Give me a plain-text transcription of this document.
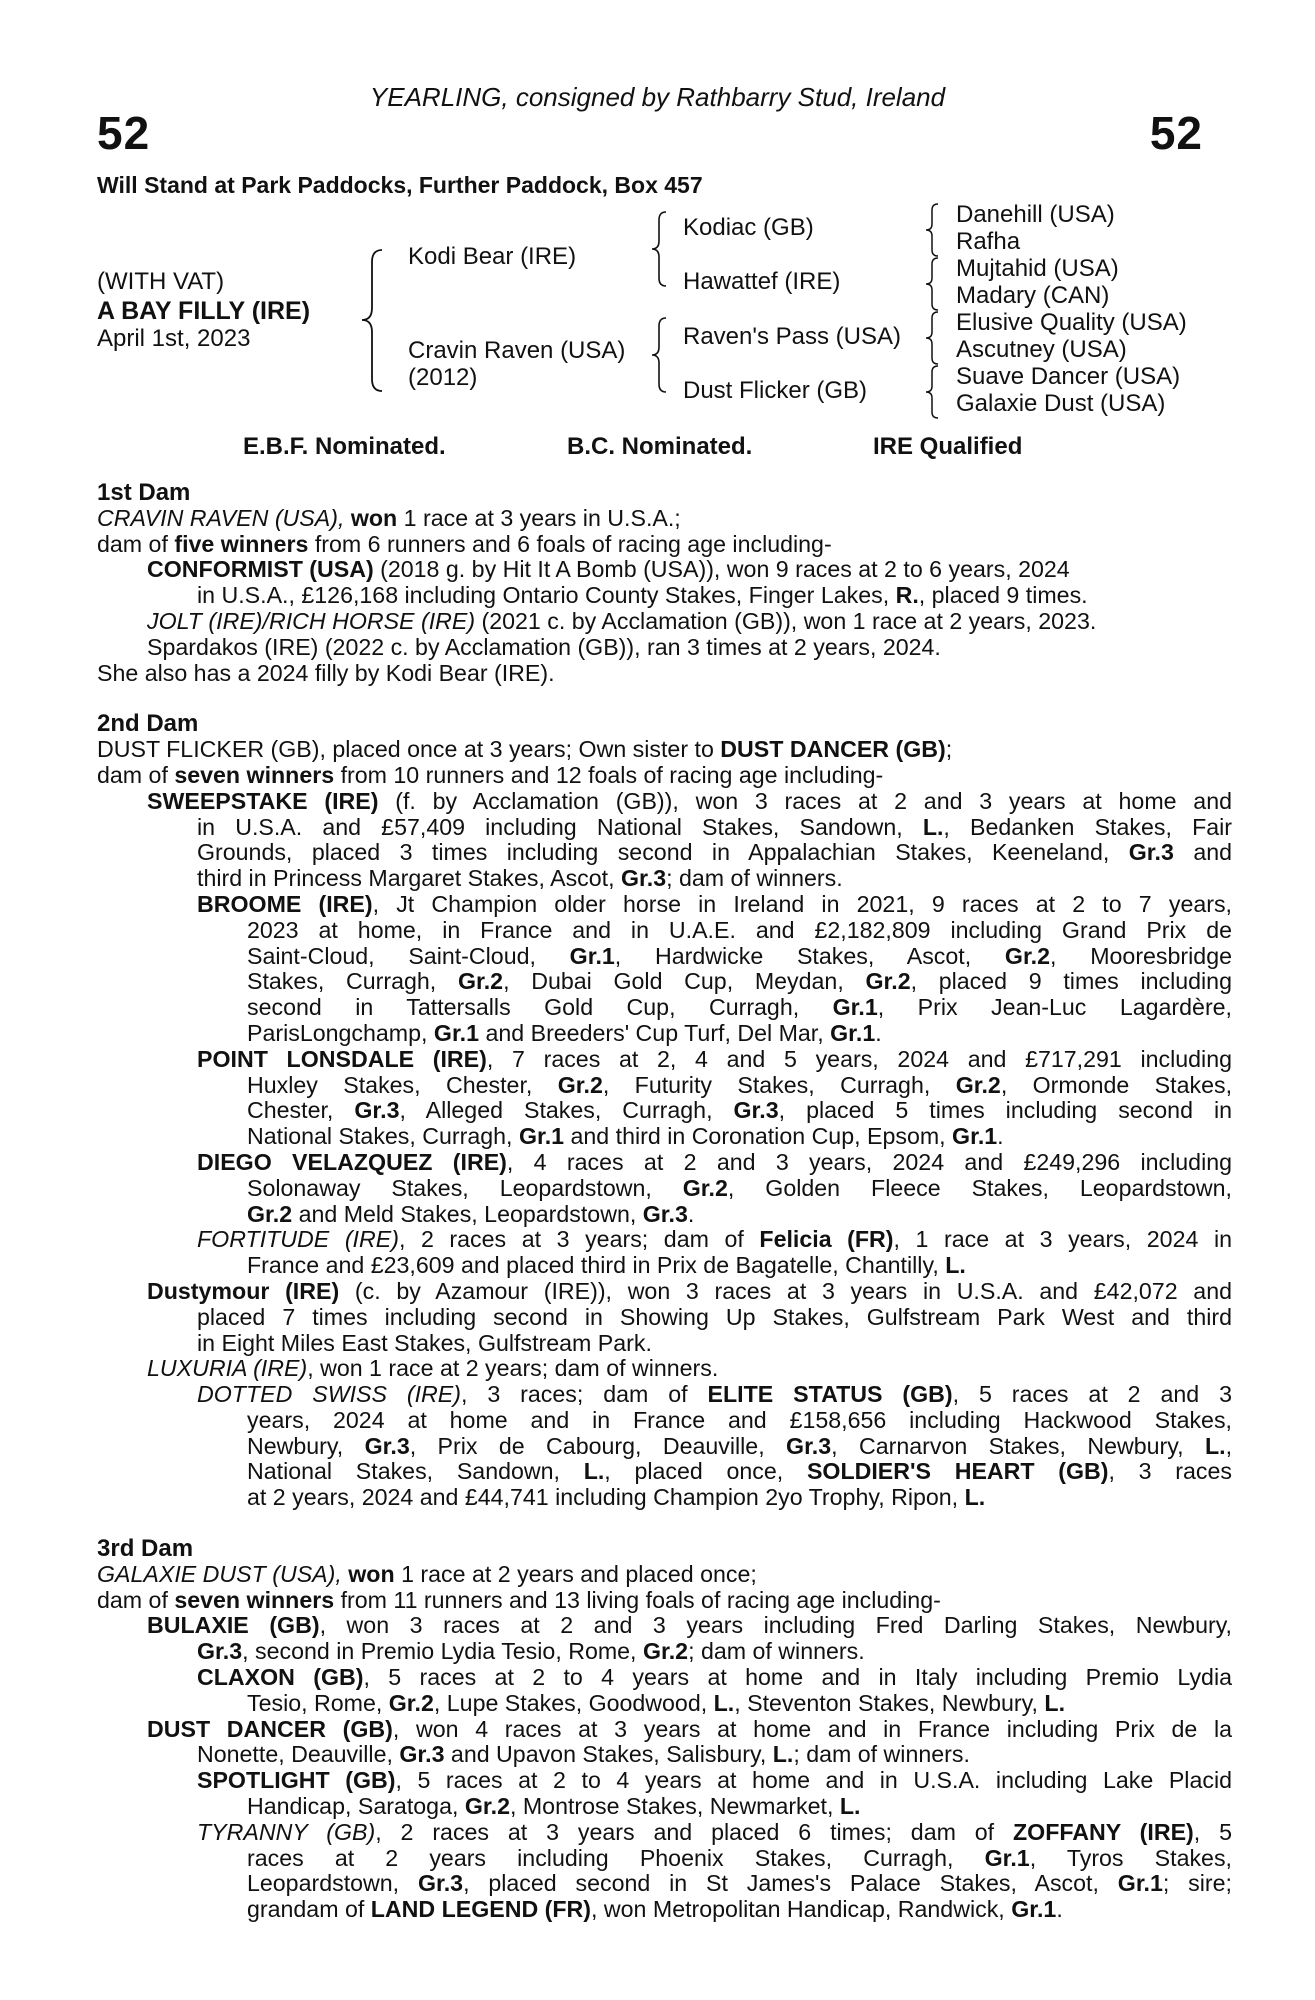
YEARLING, consigned by Rathbarry Stud, Ireland
52	52
Will Stand at Park Paddocks, Further Paddock, Box 457
(WITH VAT)
A BAY FILLY (IRE)
April 1st, 2023
Kodi Bear (IRE)
Cravin Raven (USA)
(2012)
Kodiac (GB)
Hawattef (IRE)
Raven's Pass (USA)
Dust Flicker (GB)
Danehill (USA)
Rafha
Mujtahid (USA)
Madary (CAN)
Elusive Quality (USA)
Ascutney (USA)
Suave Dancer (USA)
Galaxie Dust (USA)
E.B.F. Nominated.	B.C. Nominated.	IRE Qualified
1st Dam
CRAVIN RAVEN (USA), won 1 race at 3 years in U.S.A.;
dam of five winners from 6 runners and 6 foals of racing age including-
CONFORMIST (USA) (2018 g. by Hit It A Bomb (USA)), won 9 races at 2 to 6 years, 2024
in U.S.A., £126,168 including Ontario County Stakes, Finger Lakes, R., placed 9 times.
JOLT (IRE)/RICH HORSE (IRE) (2021 c. by Acclamation (GB)), won 1 race at 2 years, 2023.
Spardakos (IRE) (2022 c. by Acclamation (GB)), ran 3 times at 2 years, 2024.
She also has a 2024 filly by Kodi Bear (IRE).
2nd Dam
DUST FLICKER (GB), placed once at 3 years; Own sister to DUST DANCER (GB);
dam of seven winners from 10 runners and 12 foals of racing age including-
SWEEPSTAKE (IRE) (f. by Acclamation (GB)), won 3 races at 2 and 3 years at home and
in U.S.A. and £57,409 including National Stakes, Sandown, L., Bedanken Stakes, Fair
Grounds, placed 3 times including second in Appalachian Stakes, Keeneland, Gr.3 and
third in Princess Margaret Stakes, Ascot, Gr.3; dam of winners.
BROOME (IRE), Jt Champion older horse in Ireland in 2021, 9 races at 2 to 7 years,
2023 at home, in France and in U.A.E. and £2,182,809 including Grand Prix de
Saint-Cloud, Saint-Cloud, Gr.1, Hardwicke Stakes, Ascot, Gr.2, Mooresbridge
Stakes, Curragh, Gr.2, Dubai Gold Cup, Meydan, Gr.2, placed 9 times including
second in Tattersalls Gold Cup, Curragh, Gr.1, Prix Jean-Luc Lagardère,
ParisLongchamp, Gr.1 and Breeders' Cup Turf, Del Mar, Gr.1.
POINT LONSDALE (IRE), 7 races at 2, 4 and 5 years, 2024 and £717,291 including
Huxley Stakes, Chester, Gr.2, Futurity Stakes, Curragh, Gr.2, Ormonde Stakes,
Chester, Gr.3, Alleged Stakes, Curragh, Gr.3, placed 5 times including second in
National Stakes, Curragh, Gr.1 and third in Coronation Cup, Epsom, Gr.1.
DIEGO VELAZQUEZ (IRE), 4 races at 2 and 3 years, 2024 and £249,296 including
Solonaway Stakes, Leopardstown, Gr.2, Golden Fleece Stakes, Leopardstown,
Gr.2 and Meld Stakes, Leopardstown, Gr.3.
FORTITUDE (IRE), 2 races at 3 years; dam of Felicia (FR), 1 race at 3 years, 2024 in
France and £23,609 and placed third in Prix de Bagatelle, Chantilly, L.
Dustymour (IRE) (c. by Azamour (IRE)), won 3 races at 3 years in U.S.A. and £42,072 and
placed 7 times including second in Showing Up Stakes, Gulfstream Park West and third
in Eight Miles East Stakes, Gulfstream Park.
LUXURIA (IRE), won 1 race at 2 years; dam of winners.
DOTTED SWISS (IRE), 3 races; dam of ELITE STATUS (GB), 5 races at 2 and 3
years, 2024 at home and in France and £158,656 including Hackwood Stakes,
Newbury, Gr.3, Prix de Cabourg, Deauville, Gr.3, Carnarvon Stakes, Newbury, L.,
National Stakes, Sandown, L., placed once, SOLDIER'S HEART (GB), 3 races
at 2 years, 2024 and £44,741 including Champion 2yo Trophy, Ripon, L.
3rd Dam
GALAXIE DUST (USA), won 1 race at 2 years and placed once;
dam of seven winners from 11 runners and 13 living foals of racing age including-
BULAXIE (GB), won 3 races at 2 and 3 years including Fred Darling Stakes, Newbury,
Gr.3, second in Premio Lydia Tesio, Rome, Gr.2; dam of winners.
CLAXON (GB), 5 races at 2 to 4 years at home and in Italy including Premio Lydia
Tesio, Rome, Gr.2, Lupe Stakes, Goodwood, L., Steventon Stakes, Newbury, L.
DUST DANCER (GB), won 4 races at 3 years at home and in France including Prix de la
Nonette, Deauville, Gr.3 and Upavon Stakes, Salisbury, L.; dam of winners.
SPOTLIGHT (GB), 5 races at 2 to 4 years at home and in U.S.A. including Lake Placid
Handicap, Saratoga, Gr.2, Montrose Stakes, Newmarket, L.
TYRANNY (GB), 2 races at 3 years and placed 6 times; dam of ZOFFANY (IRE), 5
races at 2 years including Phoenix Stakes, Curragh, Gr.1, Tyros Stakes,
Leopardstown, Gr.3, placed second in St James's Palace Stakes, Ascot, Gr.1; sire;
grandam of LAND LEGEND (FR), won Metropolitan Handicap, Randwick, Gr.1.
